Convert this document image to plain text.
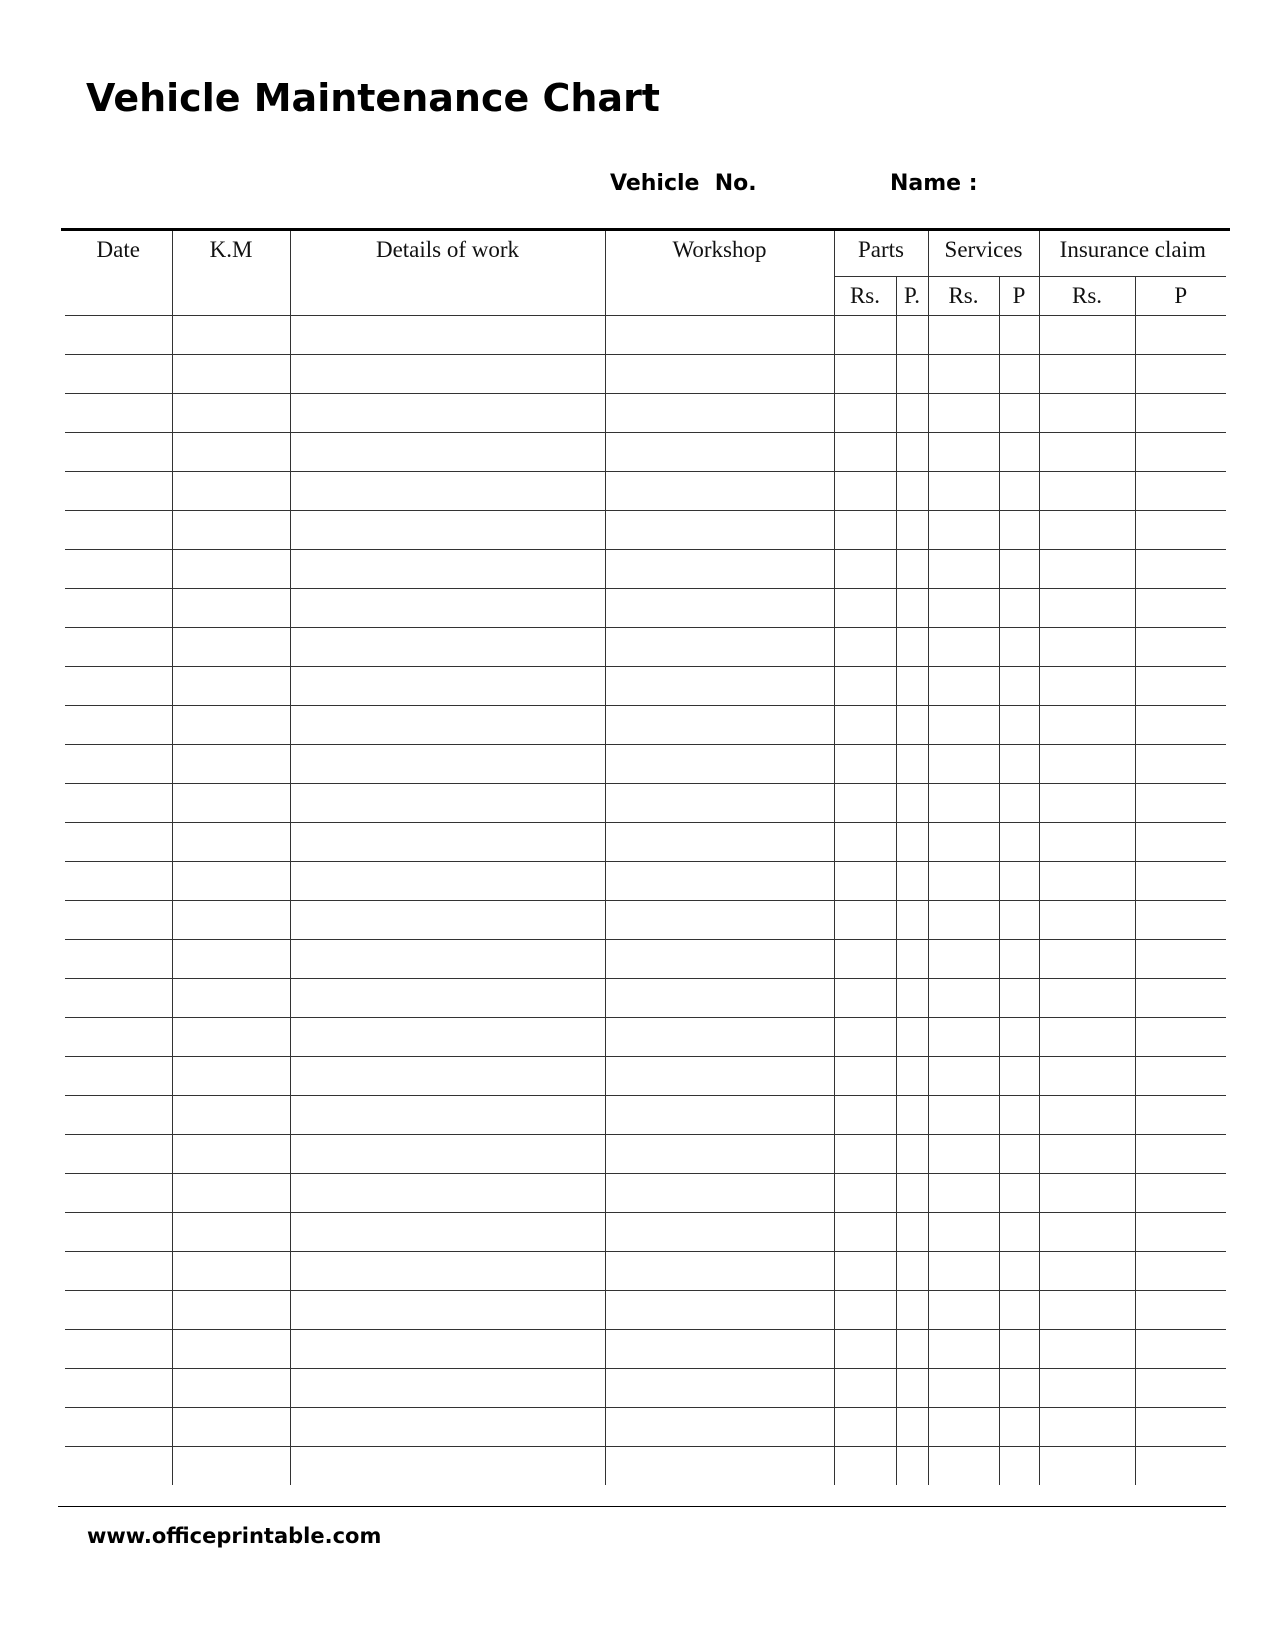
Vehicle Maintenance Chart
Vehicle  No.	Name :
Date	K.M	Details of work	Workshop	Parts		Services		Insurance claim	
				Rs.	P.	Rs.	P	Rs.	P

www.officeprintable.com
